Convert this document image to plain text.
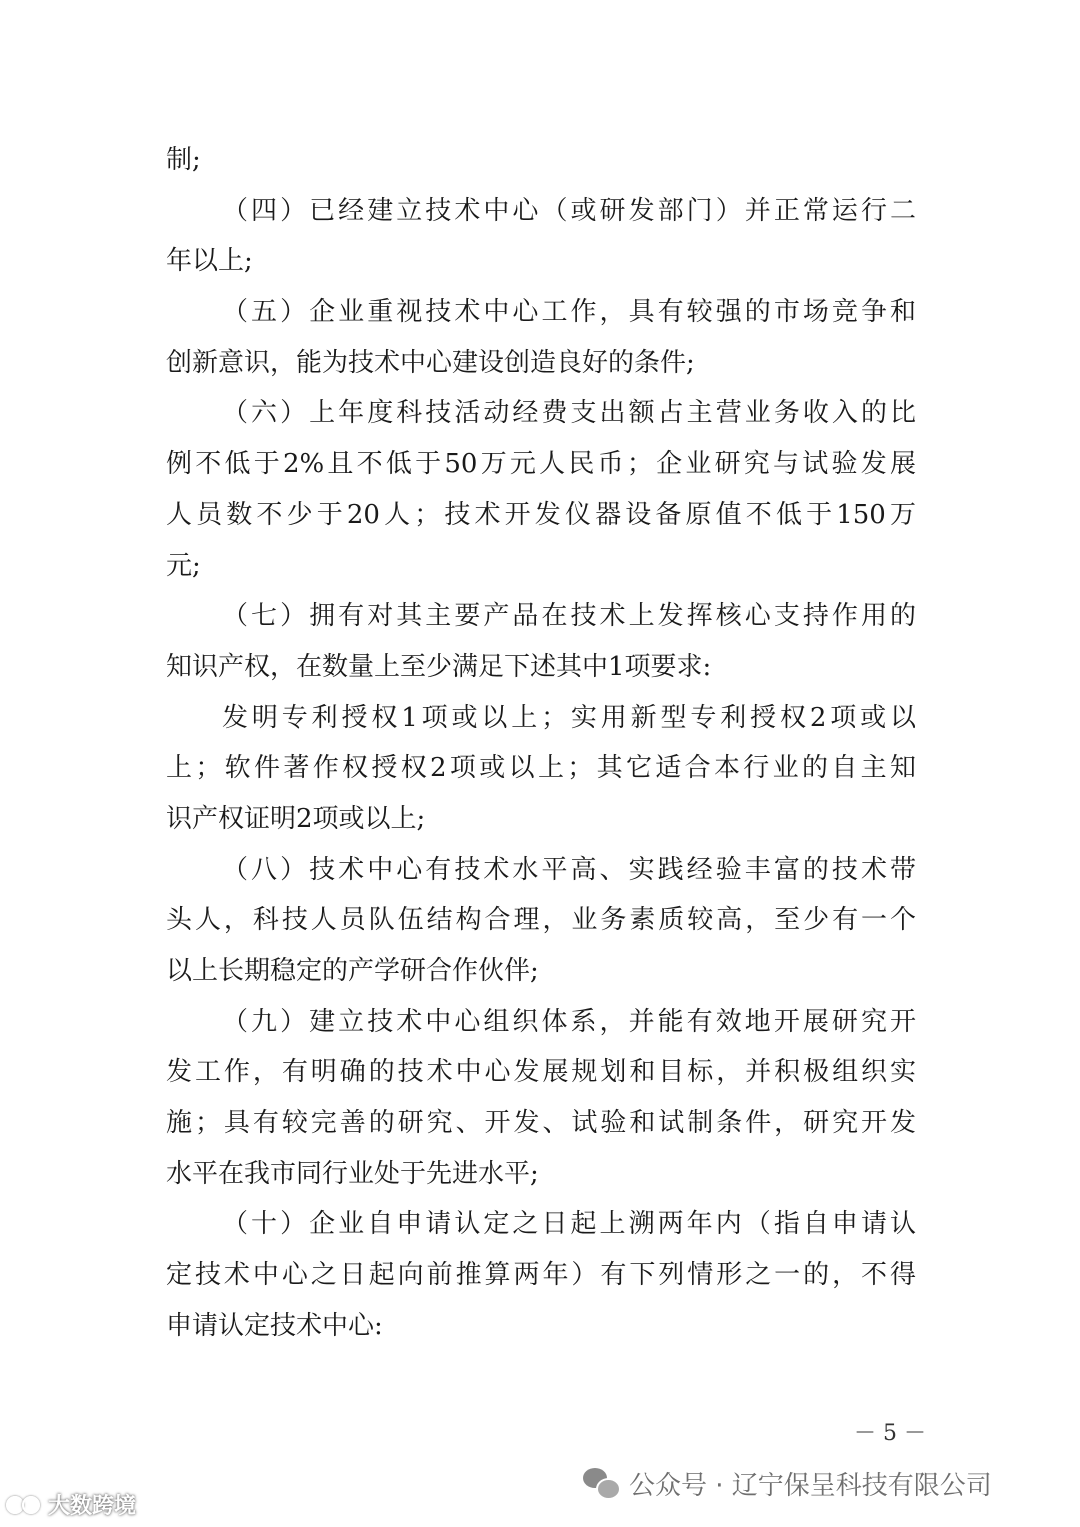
制;
（四）已经建立技术中心（或研发部门）并正常运行二
年以上;
（五）企业重视技术中心工作，具有较强的市场竞争和
创新意识，能为技术中心建设创造良好的条件;
（六）上年度科技活动经费支出额占主营业务收入的比
例不低于2%且不低于50万元人民币；企业研究与试验发展
人员数不少于20人；技术开发仪器设备原值不低于150万
元;
（七）拥有对其主要产品在技术上发挥核心支持作用的
知识产权，在数量上至少满足下述其中1项要求:
发明专利授权1项或以上；实用新型专利授权2项或以
上；软件著作权授权2项或以上；其它适合本行业的自主知
识产权证明2项或以上;
（八）技术中心有技术水平高、实践经验丰富的技术带
头人，科技人员队伍结构合理，业务素质较高，至少有一个
以上长期稳定的产学研合作伙伴;
（九）建立技术中心组织体系，并能有效地开展研究开
发工作，有明确的技术中心发展规划和目标，并积极组织实
施；具有较完善的研究、开发、试验和试制条件，研究开发
水平在我市同行业处于先进水平;
（十）企业自申请认定之日起上溯两年内（指自申请认
定技术中心之日起向前推算两年）有下列情形之一的，不得
申请认定技术中心:
－ 5 －
公众号 · 辽宁保呈科技有限公司
大数跨境
